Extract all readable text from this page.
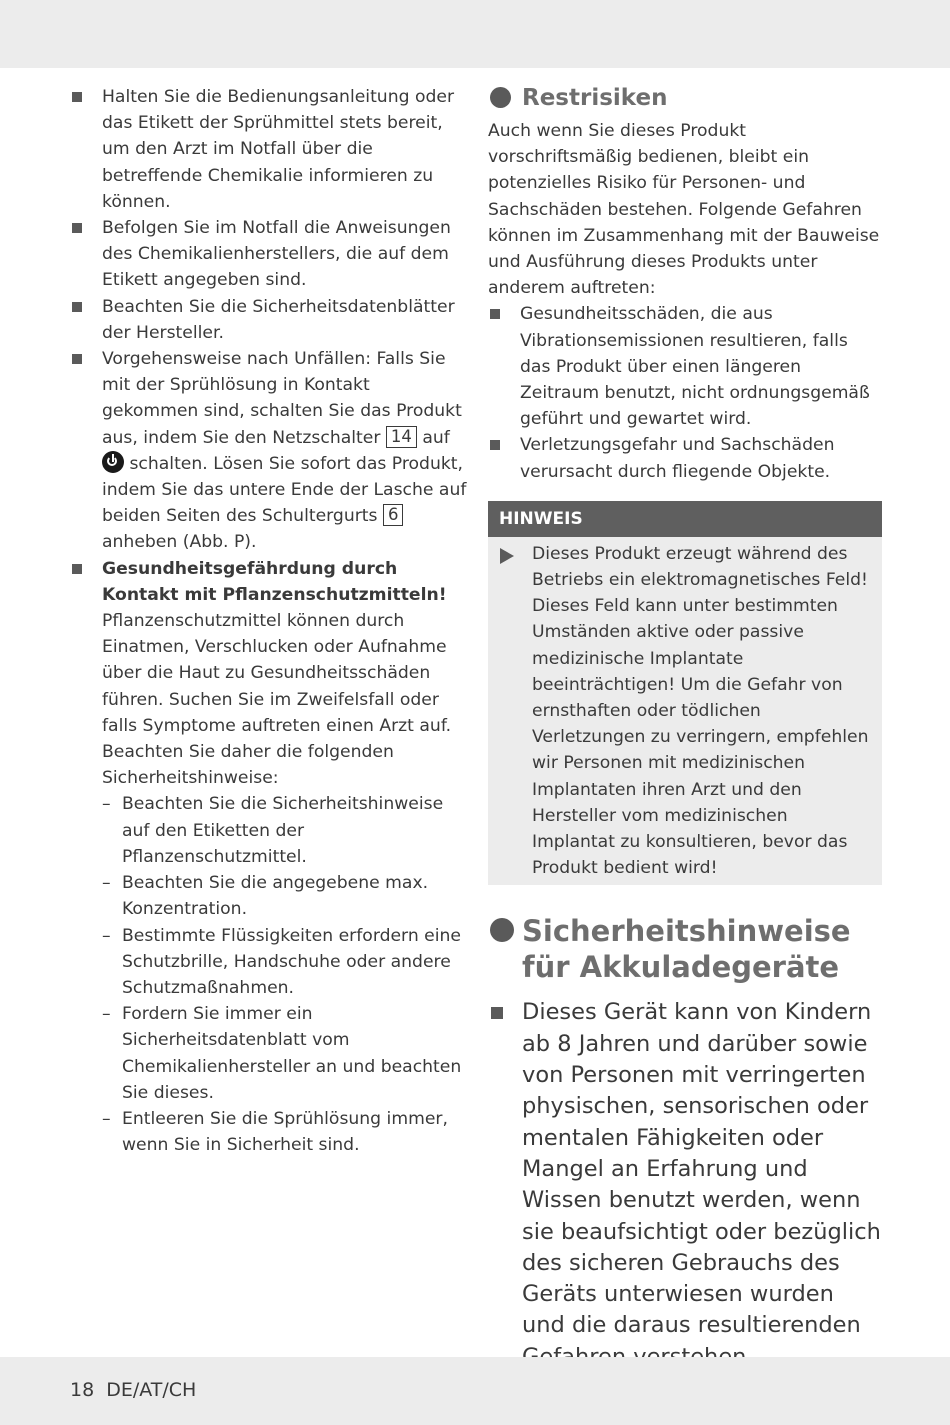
Halten Sie die Bedienungsanleitung oder das Etikett der Sprühmittel stets bereit, um den Arzt im Notfall über die betreffende Chemikalie informieren zu können.

Befolgen Sie im Notfall die Anweisungen des Chemikalienherstellers, die auf dem Etikett angegeben sind.

Beachten Sie die Sicherheitsdatenblätter der Hersteller.

Vorgehensweise nach Unfällen: Falls Sie mit der Sprühlösung in Kontakt gekommen sind, schalten Sie das Produkt aus, indem Sie den Netzschalter 14 auf  schalten. Lösen Sie sofort das Produkt, indem Sie das untere Ende der Lasche auf beiden Seiten des Schultergurts 6 anheben (Abb. P).

Gesundheitsgefährdung durch Kontakt mit Pflanzenschutzmitteln!

Pflanzenschutzmittel können durch Einatmen, Verschlucken oder Aufnahme über die Haut zu Gesundheitsschäden führen. Suchen Sie im Zweifelsfall oder falls Symptome auftreten einen Arzt auf. Beachten Sie daher die folgenden Sicherheitshinweise:

– Beachten Sie die Sicherheitshinweise auf den Etiketten der Pflanzenschutzmittel.
– Beachten Sie die angegebene max. Konzentration.
– Bestimmte Flüssigkeiten erfordern eine Schutzbrille, Handschuhe oder andere Schutzmaßnahmen.
– Fordern Sie immer ein Sicherheitsdatenblatt vom Chemikalienhersteller an und beachten Sie dieses.
– Entleeren Sie die Sprühlösung immer, wenn Sie in Sicherheit sind.
Restrisiken

Auch wenn Sie dieses Produkt vorschriftsmäßig bedienen, bleibt ein potenzielles Risiko für Personen- und Sachschäden bestehen. Folgende Gefahren können im Zusammenhang mit der Bauweise und Ausführung dieses Produkts unter anderem auftreten:

Gesundheitsschäden, die aus Vibrationsemissionen resultieren, falls das Produkt über einen längeren Zeitraum benutzt, nicht ordnungsgemäß geführt und gewartet wird.

Verletzungsgefahr und Sachschäden verursacht durch fliegende Objekte.

HINWEIS
Dieses Produkt erzeugt während des Betriebs ein elektromagnetisches Feld! Dieses Feld kann unter bestimmten Umständen aktive oder passive medizinische Implantate beeinträchtigen! Um die Gefahr von ernsthaften oder tödlichen Verletzungen zu verringern, empfehlen wir Personen mit medizinischen Implantaten ihren Arzt und den Hersteller vom medizinischen Implantat zu konsultieren, bevor das Produkt bedient wird!
Sicherheitshinweise für Akkuladegeräte
Dieses Gerät kann von Kindern ab 8 Jahren und darüber sowie von Personen mit verringerten physischen, sensorischen oder mentalen Fähigkeiten oder Mangel an Erfahrung und Wissen benutzt werden, wenn sie beaufsichtigt oder bezüglich des sicheren Gebrauchs des Geräts unterwiesen wurden und die daraus resultierenden
18 DE/AT/CH
